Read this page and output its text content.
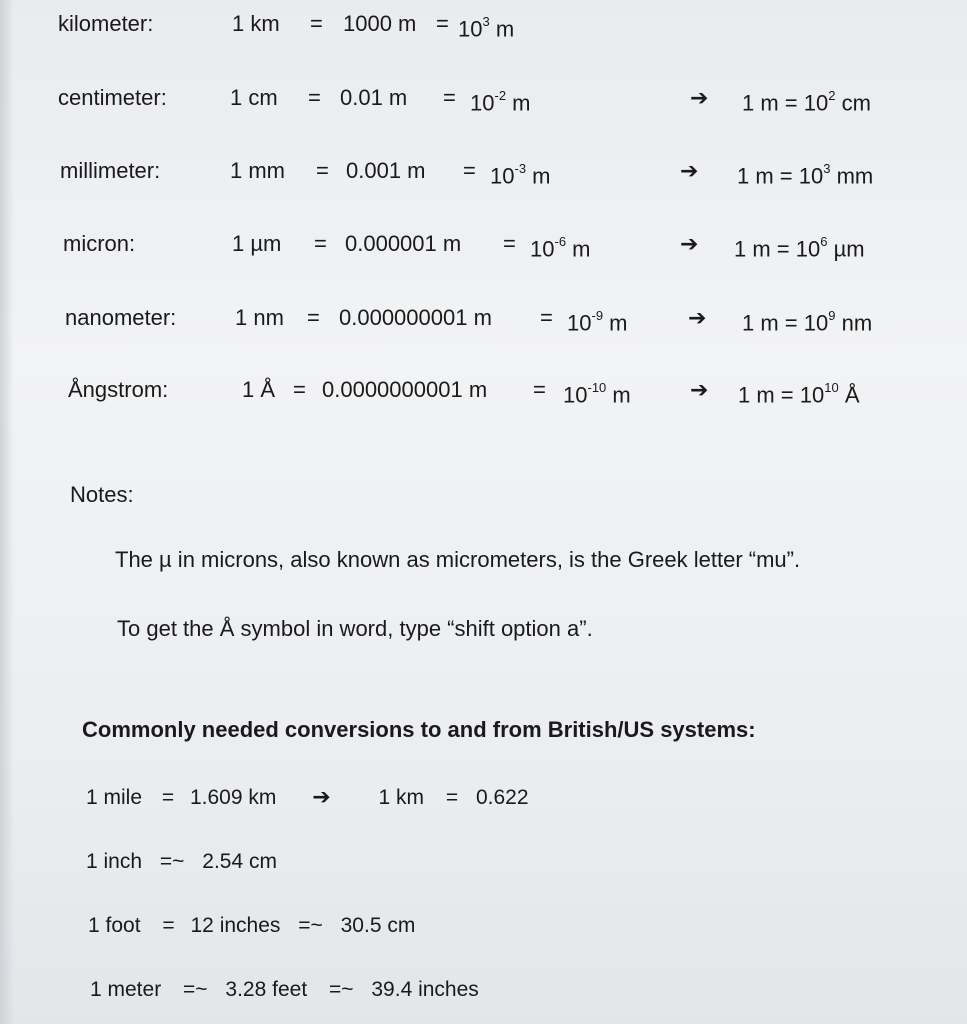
kilometer:	1 km = 1000 $m = 10^3$ m
centimeter:	1 cm = 0.01 $m = 10^{-2}$ m	➔ 1 $m = 10^2$ cm
millimeter:	1 mm = 0.001 $m = 10^{-3}$ m	➔ 1 $m = 10^3$ mm
micron:	1 µm = 0.000001 $m = 10^{-6}$ m	➔ 1 $m = 10^6$ µm
nanometer:	1 nm = 0.000000001 $m = 10^{-9}$ m	➔ 1 $m = 10^9$ nm
Ångstrom:	1 Å = 0.0000000001 $m = 10^{-10}$ m	➔ 1 $m = 10^{10}$ Å
Notes:
The µ in microns, also known as micrometers, is the Greek letter “mu”.
To get the Å symbol in word, type “shift option a”.
Commonly needed conversions to and from British/US systems:
1 mile = 1.609 km ➔ 1 km = 0.622
1 inch =~ 2.54 cm
1 foot = 12 inches =~ 30.5 cm
1 meter =~ 3.28 feet =~ 39.4 inches
